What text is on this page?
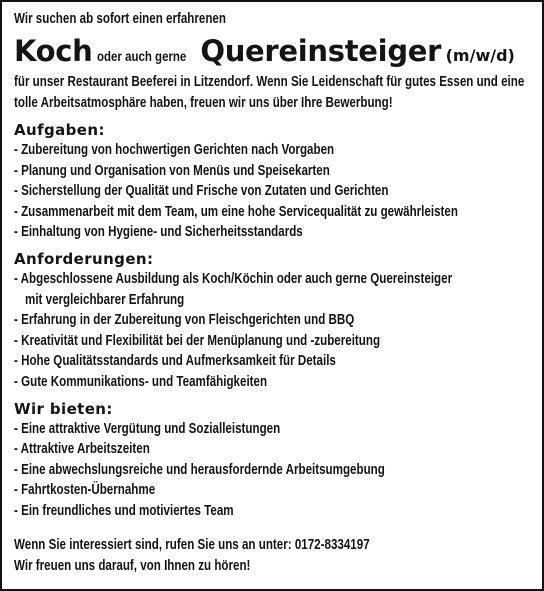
Wir suchen ab sofort einen erfahrenen
Koch oder auch gerne Quereinsteiger (m/w/d)
für unser Restaurant Beeferei in Litzendorf. Wenn Sie Leidenschaft für gutes Essen und eine
tolle Arbeitsatmosphäre haben, freuen wir uns über Ihre Bewerbung!
Aufgaben:
- Zubereitung von hochwertigen Gerichten nach Vorgaben
- Planung und Organisation von Menüs und Speisekarten
- Sicherstellung der Qualität und Frische von Zutaten und Gerichten
- Zusammenarbeit mit dem Team, um eine hohe Servicequalität zu gewährleisten
- Einhaltung von Hygiene- und Sicherheitsstandards
Anforderungen:
- Abgeschlossene Ausbildung als Koch/Köchin oder auch gerne Quereinsteiger
mit vergleichbarer Erfahrung
- Erfahrung in der Zubereitung von Fleischgerichten und BBQ
- Kreativität und Flexibilität bei der Menüplanung und -zubereitung
- Hohe Qualitätsstandards und Aufmerksamkeit für Details
- Gute Kommunikations- und Teamfähigkeiten
Wir bieten:
- Eine attraktive Vergütung und Sozialleistungen
- Attraktive Arbeitszeiten
- Eine abwechslungsreiche und herausfordernde Arbeitsumgebung
- Fahrtkosten-Übernahme
- Ein freundliches und motiviertes Team
Wenn Sie interessiert sind, rufen Sie uns an unter: 0172-8334197
Wir freuen uns darauf, von Ihnen zu hören!
